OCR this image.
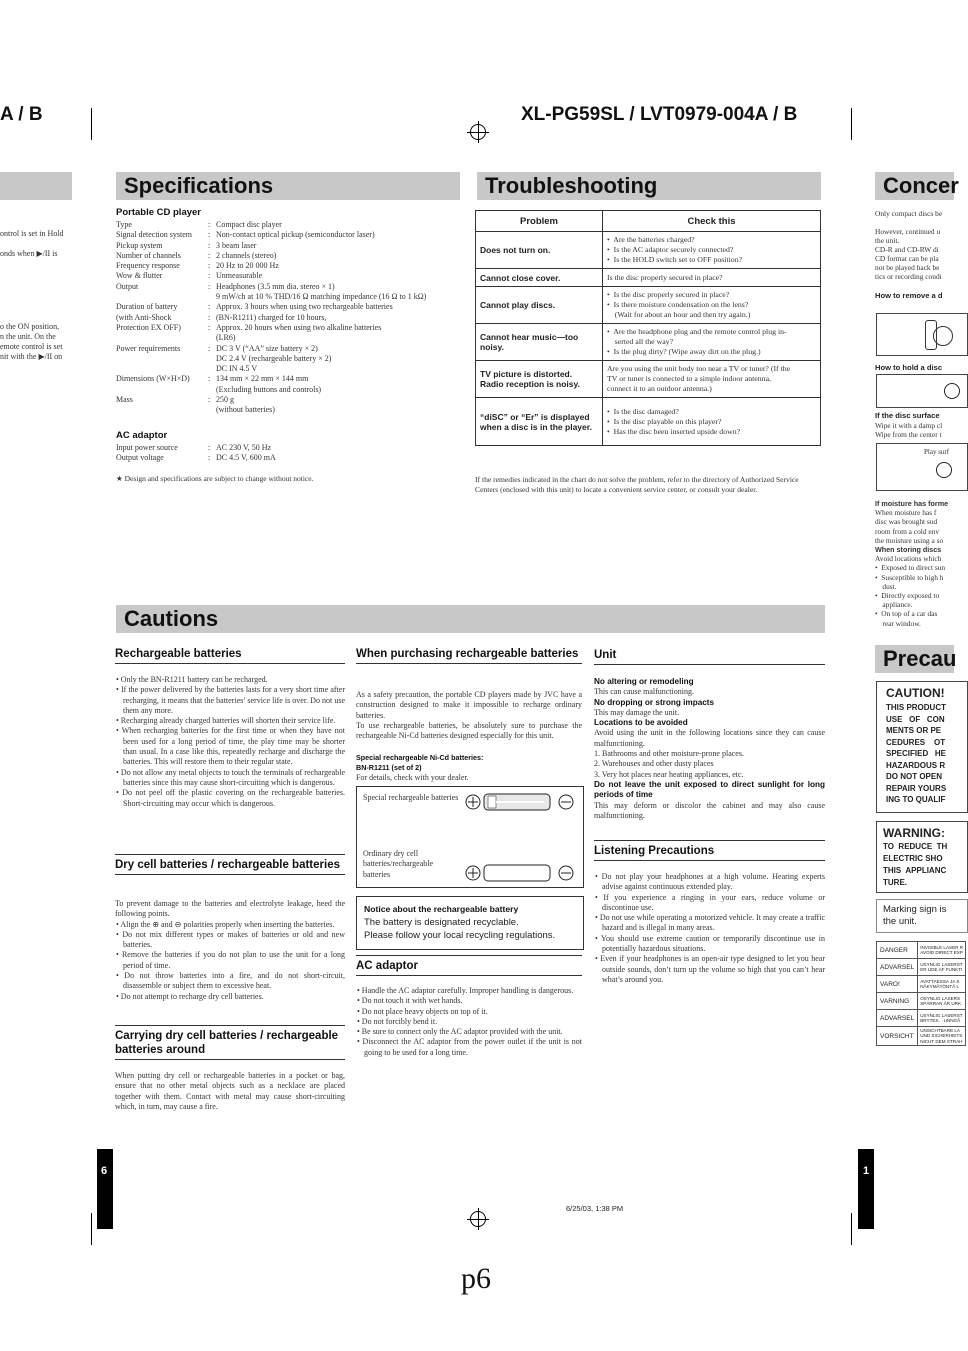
A / B	XL-PG59SL / LVT0979-004A / B
ontrol is set in Hold
onds when ▶/II is
o the ON position,
n the unit. On the
emote control is set
nit with the ▶/II on
Specifications
Portable CD player
Type	: Compact disc player
Signal detection system	: Non-contact optical pickup (semiconductor laser)
Pickup system	: 3 beam laser
Number of channels	: 2 channels (stereo)
Frequency response	: 20 Hz to 20 000 Hz
Wow & flutter	: Unmeasurable
Output	: Headphones (3.5 mm dia. stereo × 1)
9 mW/ch at 10 % THD/16 Ω matching impedance (16 Ω to 1 kΩ)
Duration of battery	: Approx. 3 hours when using two rechargeable batteries
(with Anti-Shock	: (BN-R1211) charged for 10 hours,
Protection EX OFF)	: Approx. 20 hours when using two alkaline batteries
(LR6)
Power requirements	: DC 3 V (“AA” size battery × 2)
DC 2.4 V (rechargeable battery × 2)
DC IN 4.5 V
Dimensions (W×H×D)	: 134 mm × 22 mm × 144 mm
(Excluding buttons and controls)
Mass	: 250 g
(without batteries)
AC adaptor
Input power source	: AC 230 V, 50 Hz
Output voltage	: DC 4.5 V, 600 mA
★ Design and specifications are subject to change without notice.
Troubleshooting
Problem	Check this
Does not turn on.	•  Are the batteries charged?
•  Is the AC adaptor securely connected?
•  Is the HOLD switch set to OFF position?

Cannot close cover.	Is the disc properly secured in place?

Cannot play discs.	•  Is the disc properly secured in place?
•  Is there moisture condensation on the lens?
(Wait for about an hour and then try again.)

Cannot hear music—too noisy.	•  Are the headphone plug and the remote control plug in-
serted all the way?
•  Is the plug dirty? (Wipe away dirt on the plug.)

TV picture is distorted. Radio reception is noisy.	Are you using the unit body too near a TV or tuner? (If the
TV or tuner is connected to a simple indoor antenna,
connect it to an outdoor antenna.)

“diSC” or “Er” is displayed when a disc is in the player.	•  Is the disc damaged?
•  Is the disc playable on this player?
•  Has the disc been inserted upside down?
If the remedies indicated in the chart do not solve the problem, refer to the directory of Authorized Service Centers (enclosed with this unit) to locate a convenient service center, or consult your dealer.
Concer
Only compact discs be
However, continued u
the unit.
CD-R and CD-RW di
CD format can be pla
not be played back be
tics or recording condi
How to remove a d
How to hold a disc
If the disc surface
Wipe it with a damp cl
Wipe from the center t
Play surf
If moisture has forme
When moisture has f
disc was brought sud
room from a cold env
the moisture using a so
When storing discs
Avoid locations which
•  Exposed to direct sun
•  Susceptible to high h
dust.
•  Directly exposed to
appliance.
•  On top of a car das
rear window.
Precau
CAUTION!
THIS PRODUCT
USE   OF   CON
MENTS OR PE
CEDURES    OT
SPECIFIED   HE
HAZARDOUS R
DO NOT OPEN
REPAIR YOURS
ING TO QUALIF
WARNING:
TO  REDUCE  TH
ELECTRIC SHO
THIS  APPLIANC
TURE.
Marking sign is
the unit.
DANGER	INVISIBLE LASER R
AVOID DIRECT EXP
ADVARSEL	USYNLIG LASERST
ER UDE AF FUNKTI
VARO!	AVATTAESSA JA S
NÄKYMÄTÖNTÄ L
VARNING	OSYNLIG LASERS
SPÄRRAN ÄR URK
ADVARSEL	USYNLIG LASERST
BRYTES.   UNNGÅ
VORSICHT	UNSICHTBARE LA
UND SICHERHEITS
NICHT DEM STRAH
Cautions
Rechargeable batteries
• Only the BN-R1211 battery can be recharged.
• If the power delivered by the batteries lasts for a very short time after recharging, it means that the batteries’ service life is over. Do not use them any more.
• Recharging already charged batteries will shorten their service life.
• When recharging batteries for the first time or when they have not been used for a long period of time, the play time may be shorter than usual. In a case like this, repeatedly recharge and discharge the batteries. This will restore them to their regular state.
• Do not allow any metal objects to touch the terminals of rechargeable batteries since this may cause short-circuiting which is dangerous.
• Do not peel off the plastic covering on the rechargeable batteries. Short-circuiting may occur which is dangerous.
Dry cell batteries / rechargeable batteries
To prevent damage to the batteries and electrolyte leakage, heed the following points.
• Align the ⊕ and ⊖ polarities properly when inserting the batteries.
• Do not mix different types or makes of batteries or old and new batteries.
• Remove the batteries if you do not plan to use the unit for a long period of time.
• Do not throw batteries into a fire, and do not short-circuit, disassemble or subject them to excessive heat.
• Do not attempt to recharge dry cell batteries.
Carrying dry cell batteries / rechargeable batteries around
When putting dry cell or rechargeable batteries in a pocket or bag, ensure that no other metal objects such as a necklace are placed together with them. Contact with metal may cause short-circuiting which, in turn, may cause a fire.
When purchasing rechargeable batteries
As a safety precaution, the portable CD players made by JVC have a construction designed to make it impossible to recharge ordinary batteries.
To use rechargeable batteries, be absolutely sure to purchase the rechargeable Ni-Cd batteries designed especially for this unit.
Special rechargeable Ni-Cd batteries:
BN-R1211 (set of 2)
For details, check with your dealer.
Special rechargeable batteries
Ordinary dry cell batteries/rechargeable batteries
Notice about the rechargeable battery
The battery is designated recyclable.
Please follow your local recycling regulations.
AC adaptor
• Handle the AC adaptor carefully. Improper handling is dangerous.
• Do not touch it with wet hands.
• Do not place heavy objects on top of it.
• Do not forcibly bend it.
• Be sure to connect only the AC adaptor provided with the unit.
• Disconnect the AC adaptor from the power outlet if the unit is not going to be used for a long time.
Unit
No altering or remodeling
This can cause malfunctioning.
No dropping or strong impacts
This may damage the unit.
Locations to be avoided
Avoid using the unit in the following locations since they can cause malfunctioning.
1. Bathrooms and other moisture-prone places.
2. Warehouses and other dusty places
3. Very hot places near heating appliances, etc.
Do not leave the unit exposed to direct sunlight for long periods of time
This may deform or discolor the cabinet and may also cause malfunctioning.
Listening Precautions
• Do not play your headphones at a high volume. Hearing experts advise against continuous extended play.
• If you experience a ringing in your ears, reduce volume or discontinue use.
• Do not use while operating a motorized vehicle. It may create a traffic hazard and is illegal in many areas.
• You should use extreme caution or temporarily discontinue use in potentially hazardous situations.
• Even if your headphones is an open-air type designed to let you hear outside sounds, don’t turn up the volume so high that you can’t hear what’s around you.
6	1
6/25/03, 1:38 PM
p6
